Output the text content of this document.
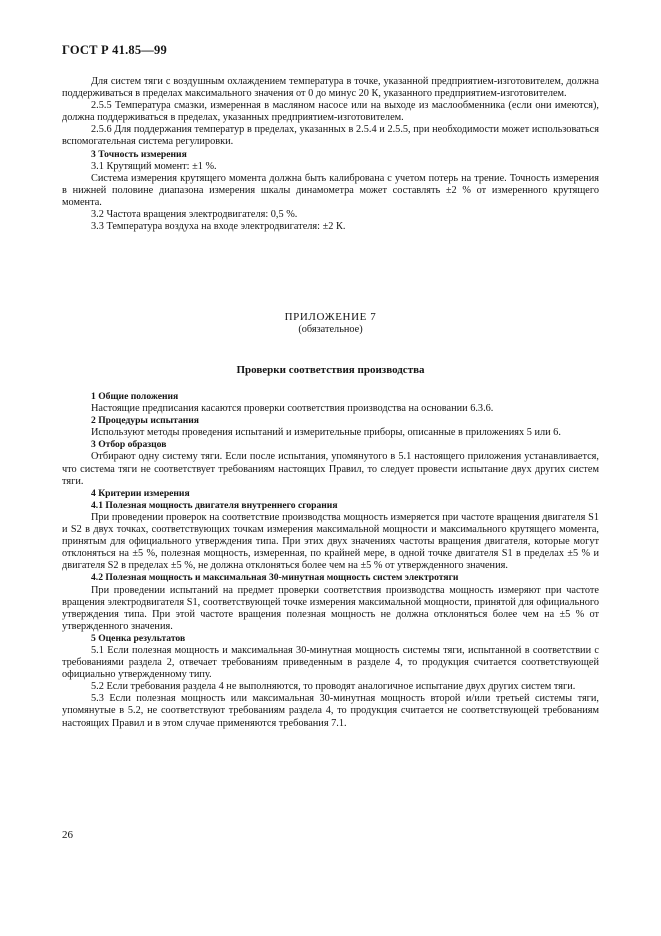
ГОСТ Р 41.85—99

Для систем тяги с воздушным охлаждением температура в точке, указанной предприятием-изготовителем, должна поддерживаться в пределах максимального значения от 0 до минус 20 К, указанного предприятием-изготовителем.

2.5.5 Температура смазки, измеренная в масляном насосе или на выходе из маслообменника (если они имеются), должна поддерживаться в пределах, указанных предприятием-изготовителем.

2.5.6 Для поддержания температур в пределах, указанных в 2.5.4 и 2.5.5, при необходимости может использоваться вспомогательная система регулировки.

3 Точность измерения

3.1 Крутящий момент: ±1 %.

Система измерения крутящего момента должна быть калибрована с учетом потерь на трение. Точность измерения в нижней половине диапазона измерения шкалы динамометра может составлять ±2 % от измеренного крутящего момента.

3.2 Частота вращения электродвигателя: 0,5 %.

3.3 Температура воздуха на входе электродвигателя: ±2 К.

ПРИЛОЖЕНИЕ 7

(обязательное)

Проверки соответствия производства

1 Общие положения

Настоящие предписания касаются проверки соответствия производства на основании 6.3.6.

2 Процедуры испытания

Используют методы проведения испытаний и измерительные приборы, описанные в приложениях 5 или 6.

3 Отбор образцов

Отбирают одну систему тяги. Если после испытания, упомянутого в 5.1 настоящего приложения устанавливается, что система тяги не соответствует требованиям настоящих Правил, то следует провести испытание двух других систем тяги.

4 Критерии измерения

4.1 Полезная мощность двигателя внутреннего сгорания

При проведении проверок на соответствие производства мощность измеряется при частоте вращения двигателя S1 и S2 в двух точках, соответствующих точкам измерения максимальной мощности и максимального крутящего момента, принятым для официального утверждения типа. При этих двух значениях частоты вращения двигателя, которые могут отклоняться на ±5 %, полезная мощность, измеренная, по крайней мере, в одной точке двигателя S1 в пределах ±5 % и двигателя S2 в пределах ±5 %, не должна отклоняться более чем на ±5 % от утвержденного значения.

4.2 Полезная мощность и максимальная 30-минутная мощность систем электротяги

При проведении испытаний на предмет проверки соответствия производства мощность измеряют при частоте вращения электродвигателя S1, соответствующей точке измерения максимальной мощности, принятой для официального утверждения типа. При этой частоте вращения полезная мощность не должна отклоняться более чем на ±5 % от утвержденного значения.

5 Оценка результатов

5.1 Если полезная мощность и максимальная 30-минутная мощность системы тяги, испытанной в соответствии с требованиями раздела 2, отвечает требованиям приведенным в разделе 4, то продукция считается соответствующей официально утвержденному типу.

5.2 Если требования раздела 4 не выполняются, то проводят аналогичное испытание двух других систем тяги.

5.3 Если полезная мощность или максимальная 30-минутная мощность второй и/или третьей системы тяги, упомянутые в 5.2, не соответствуют требованиям раздела 4, то продукция считается не соответствующей требованиям настоящих Правил и в этом случае применяются требования 7.1.

26
